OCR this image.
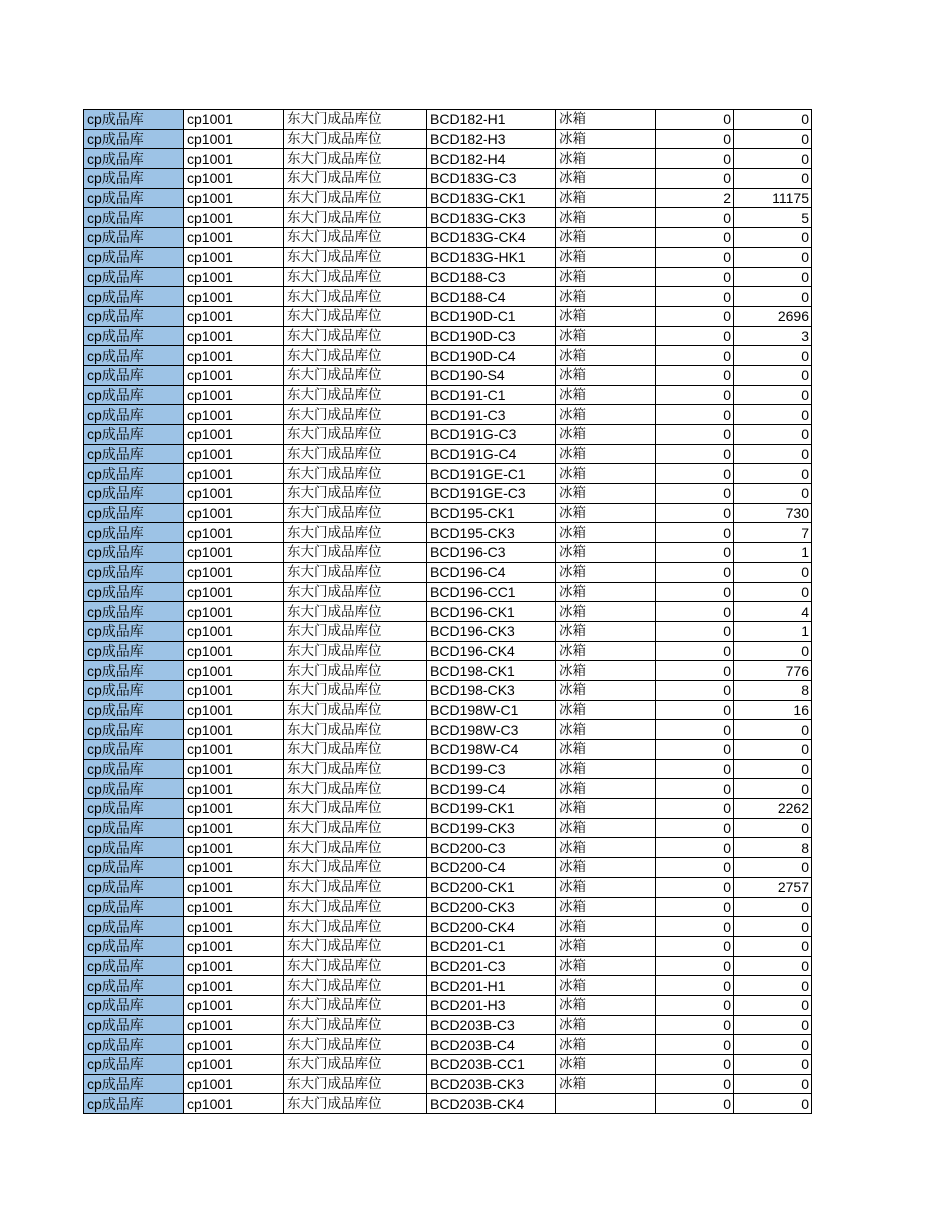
cp成品库	cp1001	东大门成品库位	BCD182-H1	冰箱	0	0
cp成品库	cp1001	东大门成品库位	BCD182-H3	冰箱	0	0
cp成品库	cp1001	东大门成品库位	BCD182-H4	冰箱	0	0
cp成品库	cp1001	东大门成品库位	BCD183G-C3	冰箱	0	0
cp成品库	cp1001	东大门成品库位	BCD183G-CK1	冰箱	2	11175
cp成品库	cp1001	东大门成品库位	BCD183G-CK3	冰箱	0	5
cp成品库	cp1001	东大门成品库位	BCD183G-CK4	冰箱	0	0
cp成品库	cp1001	东大门成品库位	BCD183G-HK1	冰箱	0	0
cp成品库	cp1001	东大门成品库位	BCD188-C3	冰箱	0	0
cp成品库	cp1001	东大门成品库位	BCD188-C4	冰箱	0	0
cp成品库	cp1001	东大门成品库位	BCD190D-C1	冰箱	0	2696
cp成品库	cp1001	东大门成品库位	BCD190D-C3	冰箱	0	3
cp成品库	cp1001	东大门成品库位	BCD190D-C4	冰箱	0	0
cp成品库	cp1001	东大门成品库位	BCD190-S4	冰箱	0	0
cp成品库	cp1001	东大门成品库位	BCD191-C1	冰箱	0	0
cp成品库	cp1001	东大门成品库位	BCD191-C3	冰箱	0	0
cp成品库	cp1001	东大门成品库位	BCD191G-C3	冰箱	0	0
cp成品库	cp1001	东大门成品库位	BCD191G-C4	冰箱	0	0
cp成品库	cp1001	东大门成品库位	BCD191GE-C1	冰箱	0	0
cp成品库	cp1001	东大门成品库位	BCD191GE-C3	冰箱	0	0
cp成品库	cp1001	东大门成品库位	BCD195-CK1	冰箱	0	730
cp成品库	cp1001	东大门成品库位	BCD195-CK3	冰箱	0	7
cp成品库	cp1001	东大门成品库位	BCD196-C3	冰箱	0	1
cp成品库	cp1001	东大门成品库位	BCD196-C4	冰箱	0	0
cp成品库	cp1001	东大门成品库位	BCD196-CC1	冰箱	0	0
cp成品库	cp1001	东大门成品库位	BCD196-CK1	冰箱	0	4
cp成品库	cp1001	东大门成品库位	BCD196-CK3	冰箱	0	1
cp成品库	cp1001	东大门成品库位	BCD196-CK4	冰箱	0	0
cp成品库	cp1001	东大门成品库位	BCD198-CK1	冰箱	0	776
cp成品库	cp1001	东大门成品库位	BCD198-CK3	冰箱	0	8
cp成品库	cp1001	东大门成品库位	BCD198W-C1	冰箱	0	16
cp成品库	cp1001	东大门成品库位	BCD198W-C3	冰箱	0	0
cp成品库	cp1001	东大门成品库位	BCD198W-C4	冰箱	0	0
cp成品库	cp1001	东大门成品库位	BCD199-C3	冰箱	0	0
cp成品库	cp1001	东大门成品库位	BCD199-C4	冰箱	0	0
cp成品库	cp1001	东大门成品库位	BCD199-CK1	冰箱	0	2262
cp成品库	cp1001	东大门成品库位	BCD199-CK3	冰箱	0	0
cp成品库	cp1001	东大门成品库位	BCD200-C3	冰箱	0	8
cp成品库	cp1001	东大门成品库位	BCD200-C4	冰箱	0	0
cp成品库	cp1001	东大门成品库位	BCD200-CK1	冰箱	0	2757
cp成品库	cp1001	东大门成品库位	BCD200-CK3	冰箱	0	0
cp成品库	cp1001	东大门成品库位	BCD200-CK4	冰箱	0	0
cp成品库	cp1001	东大门成品库位	BCD201-C1	冰箱	0	0
cp成品库	cp1001	东大门成品库位	BCD201-C3	冰箱	0	0
cp成品库	cp1001	东大门成品库位	BCD201-H1	冰箱	0	0
cp成品库	cp1001	东大门成品库位	BCD201-H3	冰箱	0	0
cp成品库	cp1001	东大门成品库位	BCD203B-C3	冰箱	0	0
cp成品库	cp1001	东大门成品库位	BCD203B-C4	冰箱	0	0
cp成品库	cp1001	东大门成品库位	BCD203B-CC1	冰箱	0	0
cp成品库	cp1001	东大门成品库位	BCD203B-CK3	冰箱	0	0
cp成品库	cp1001	东大门成品库位	BCD203B-CK4		0	0
